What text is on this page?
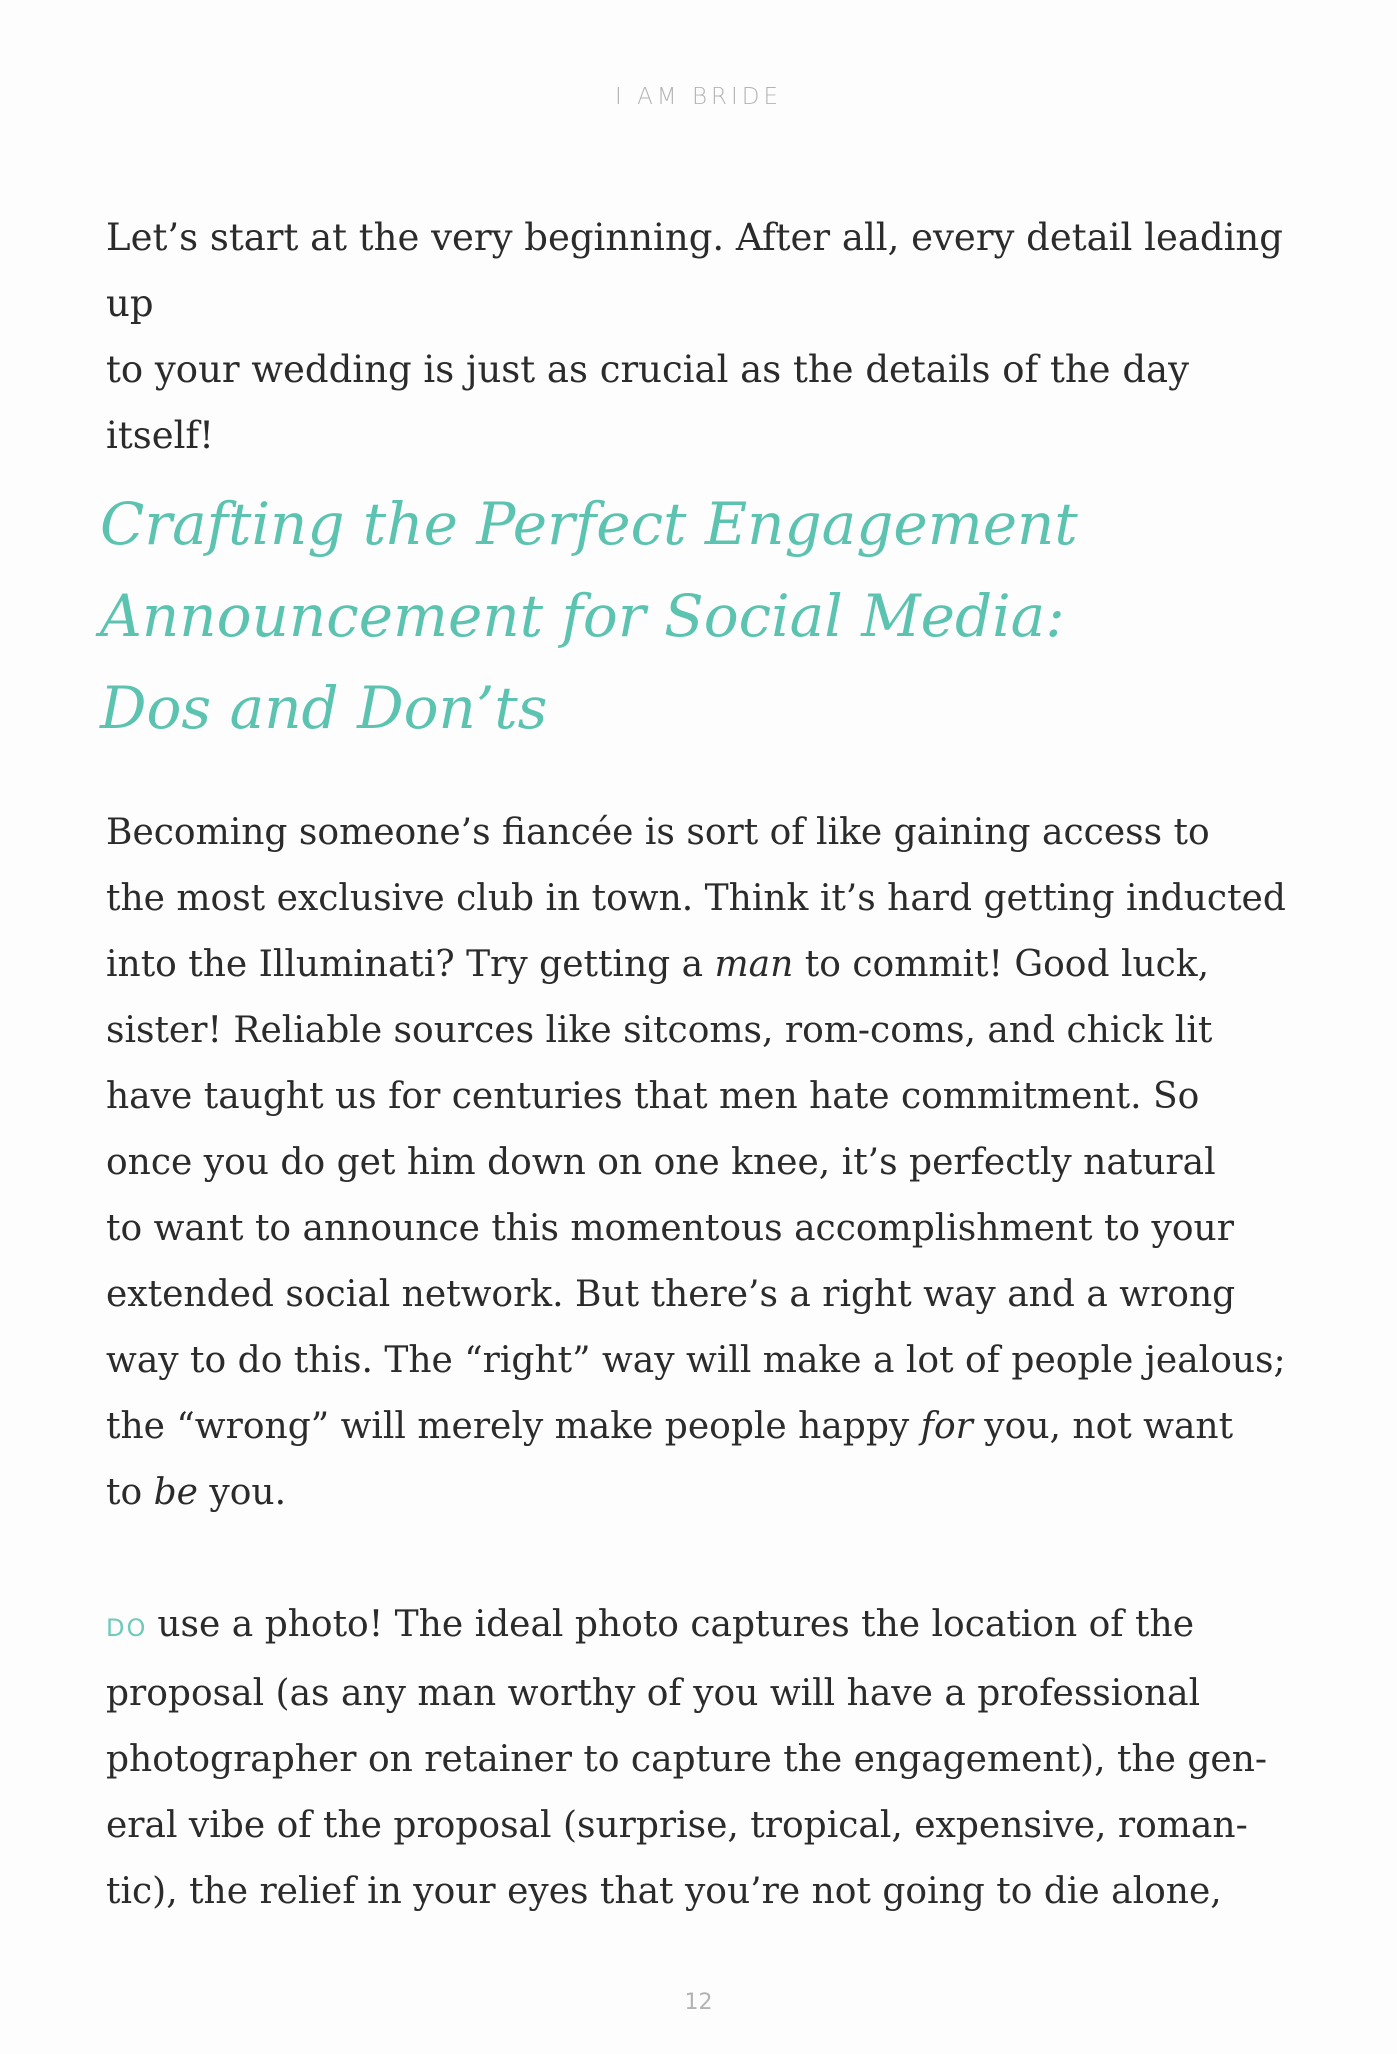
I AM BRIDE

Let’s start at the very beginning. After all, every detail leading up
to your wedding is just as crucial as the details of the day itself!

Crafting the Perfect Engagement
Announcement for Social Media:
Dos and Don’ts

Becoming someone’s fiancée is sort of like gaining access to
the most exclusive club in town. Think it’s hard getting inducted
into the Illuminati? Try getting a man to commit! Good luck,
sister! Reliable sources like sitcoms, rom-coms, and chick lit
have taught us for centuries that men hate commitment. So
once you do get him down on one knee, it’s perfectly natural
to want to announce this momentous accomplishment to your
extended social network. But there’s a right way and a wrong
way to do this. The “right” way will make a lot of people jealous;
the “wrong” will merely make people happy for you, not want
to be you.

DO use a photo! The ideal photo captures the location of the
proposal (as any man worthy of you will have a professional
photographer on retainer to capture the engagement), the gen-
eral vibe of the proposal (surprise, tropical, expensive, roman-
tic), the relief in your eyes that you’re not going to die alone,

12
